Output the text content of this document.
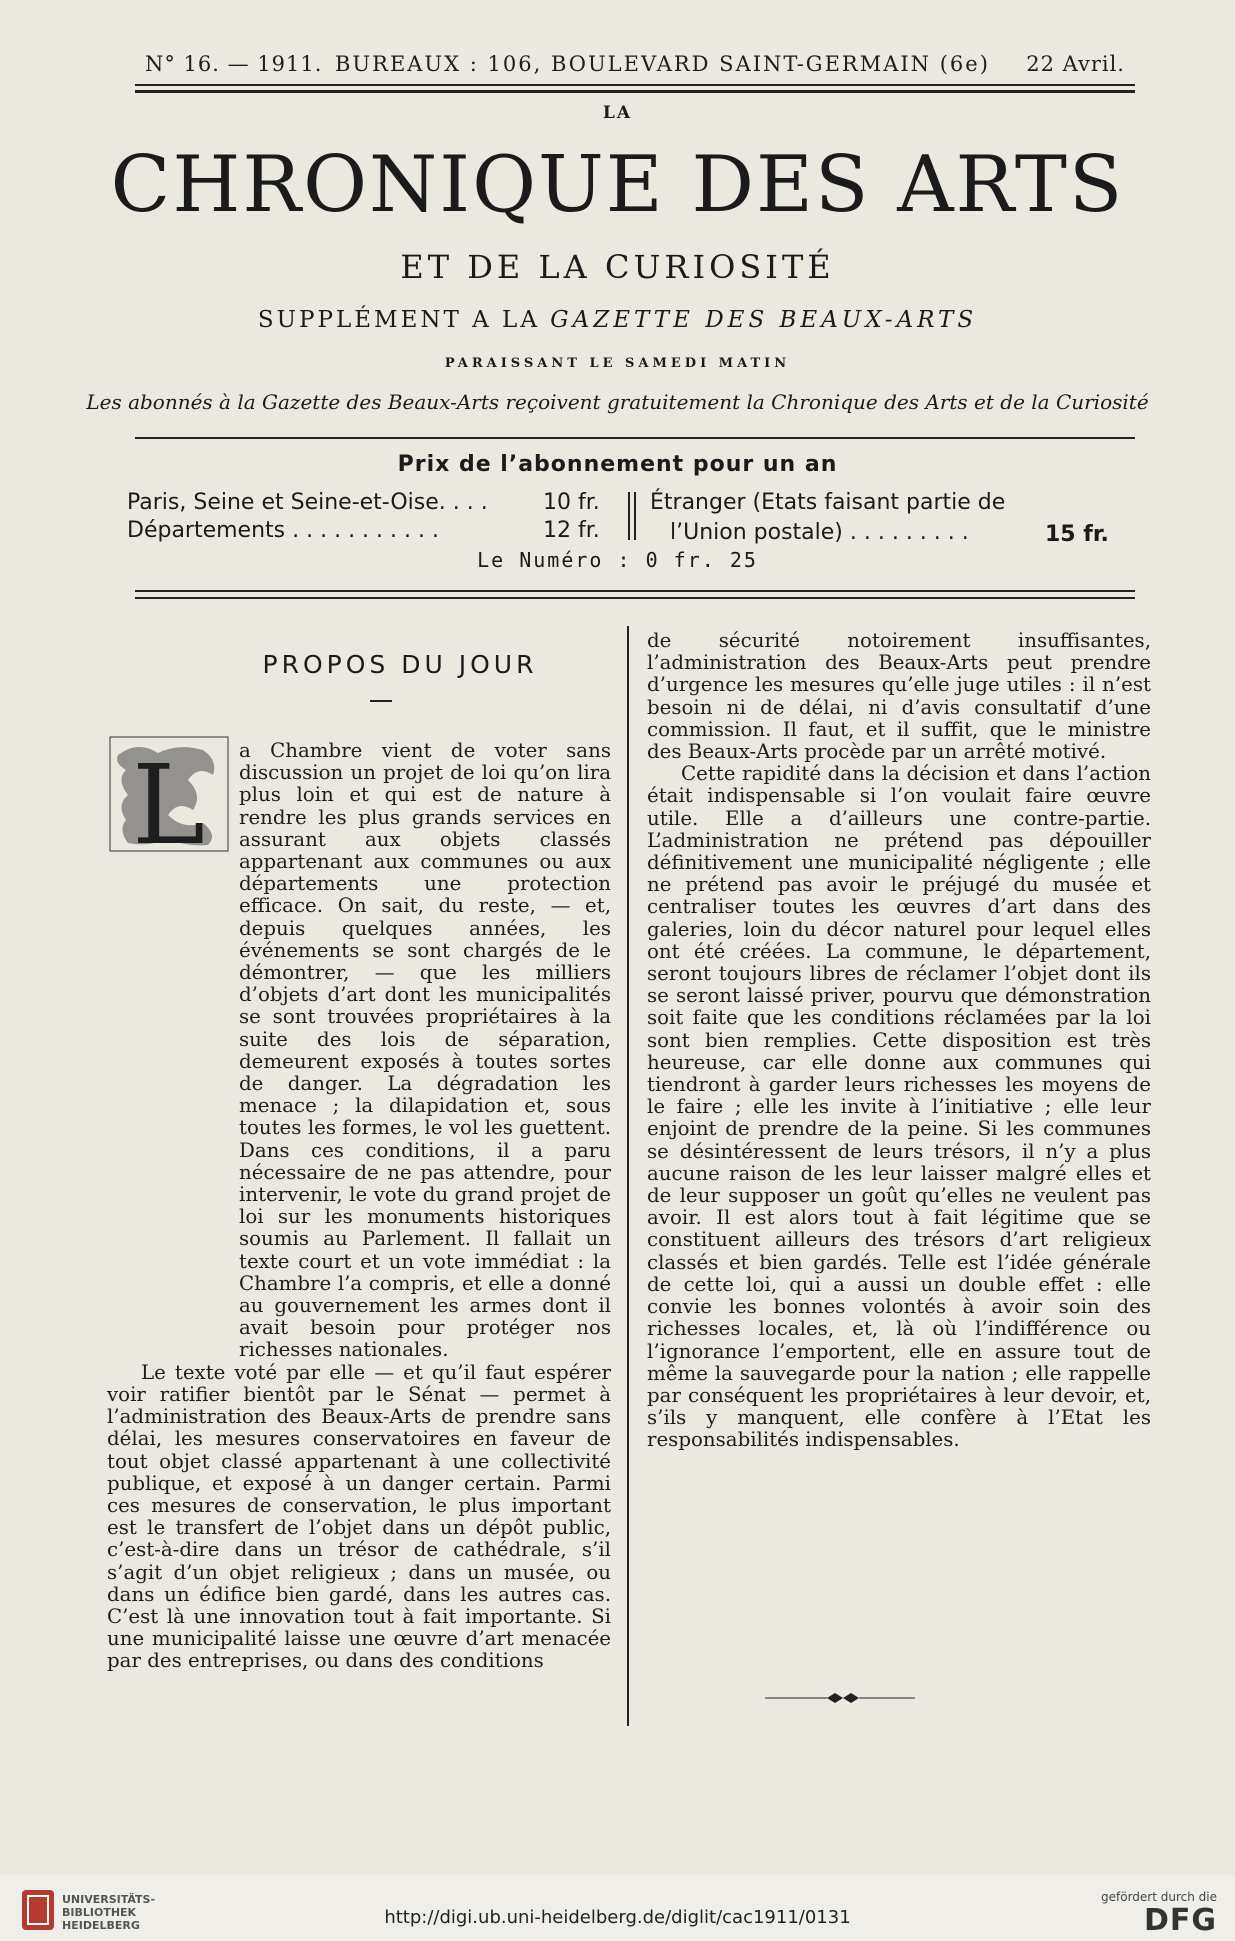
N° 16. — 1911. BUREAUX : 106, BOULEVARD SAINT-GERMAIN (6e) 22 Avril.
LA
CHRONIQUE DES ARTS
ET DE LA CURIOSITÉ
SUPPLÉMENT A LA GAZETTE DES BEAUX-ARTS
PARAISSANT LE SAMEDI MATIN
Les abonnés à la Gazette des Beaux-Arts reçoivent gratuitement la Chronique des Arts et de la Curiosité
Prix de l’abonnement pour un an
Paris, Seine et Seine-et-Oise. . . .	10 fr.
Départements . . . . . . . . . . .	12 fr.
Étranger (Etats faisant partie de
l’Union postale) . . . . . . . . .	15 fr.
Le Numéro : 0 fr. 25
PROPOS DU JOUR
L	a Chambre vient de voter sans discussion un projet de loi qu’on lira plus loin et qui est de nature à rendre les plus grands services en assurant aux objets classés appartenant aux communes ou aux départements une protection efficace. On sait, du reste, — et, depuis quelques années, les événements se sont chargés de le démontrer, — que les milliers d’objets d’art dont les municipalités se sont trouvées propriétaires à la suite des lois de séparation, demeurent exposés à toutes sortes de danger. La dégradation les menace ; la dilapidation et, sous toutes les formes, le vol les guettent. Dans ces conditions, il a paru nécessaire de ne pas attendre, pour intervenir, le vote du grand projet de loi sur les monuments historiques soumis au Parlement. Il fallait un texte court et un vote immédiat : la Chambre l’a compris, et elle a donné au gouvernement les armes dont il avait besoin pour protéger nos richesses nationales.

Le texte voté par elle — et qu’il faut espérer voir ratifier bientôt par le Sénat — permet à l’administration des Beaux-Arts de prendre sans délai, les mesures conservatoires en faveur de tout objet classé appartenant à une collectivité publique, et exposé à un danger certain. Parmi ces mesures de conservation, le plus important est le transfert de l’objet dans un dépôt public, c’est-à-dire dans un trésor de cathédrale, s’il s’agit d’un objet religieux ; dans un musée, ou dans un édifice bien gardé, dans les autres cas. C’est là une innovation tout à fait importante. Si une municipalité laisse une œuvre d’art menacée par des entreprises, ou dans des conditions

de sécurité notoirement insuffisantes, l’administration des Beaux-Arts peut prendre d’urgence les mesures qu’elle juge utiles : il n’est besoin ni de délai, ni d’avis consultatif d’une commission. Il faut, et il suffit, que le ministre des Beaux-Arts procède par un arrêté motivé.

Cette rapidité dans la décision et dans l’action était indispensable si l’on voulait faire œuvre utile. Elle a d’ailleurs une contre-partie. L’administration ne prétend pas dépouiller définitivement une municipalité négligente ; elle ne prétend pas avoir le préjugé du musée et centraliser toutes les œuvres d’art dans des galeries, loin du décor naturel pour lequel elles ont été créées. La commune, le département, seront toujours libres de réclamer l’objet dont ils se seront laissé priver, pourvu que démonstration soit faite que les conditions réclamées par la loi sont bien remplies. Cette disposition est très heureuse, car elle donne aux communes qui tiendront à garder leurs richesses les moyens de le faire ; elle les invite à l’initiative ; elle leur enjoint de prendre de la peine. Si les communes se désintéressent de leurs trésors, il n’y a plus aucune raison de les leur laisser malgré elles et de leur supposer un goût qu’elles ne veulent pas avoir. Il est alors tout à fait légitime que se constituent ailleurs des trésors d’art religieux classés et bien gardés. Telle est l’idée générale de cette loi, qui a aussi un double effet : elle convie les bonnes volontés à avoir soin des richesses locales, et, là où l’indifférence ou l’ignorance l’emportent, elle en assure tout de même la sauvegarde pour la nation ; elle rappelle par conséquent les propriétaires à leur devoir, et, s’ils y manquent, elle confère à l’Etat les responsabilités indispensables.

UNIVERSITÄTS-
BIBLIOTHEK
HEIDELBERG	http://digi.ub.uni-heidelberg.de/diglit/cac1911/0131
gefördert durch die
DFG
